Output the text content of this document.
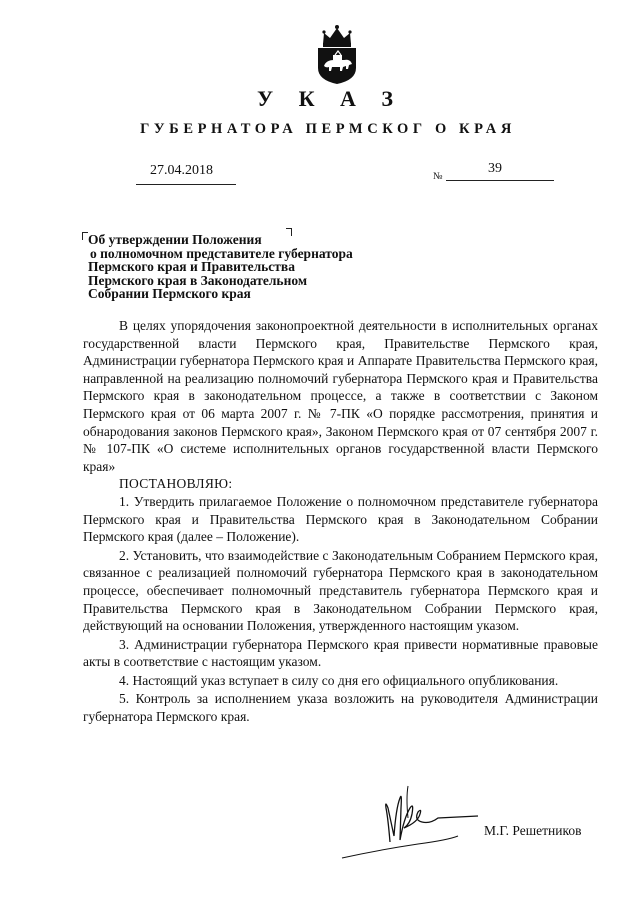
У К А З
ГУБЕРНАТОРА ПЕРМСКОГ О КРАЯ
27.04.2018	№
39
Об утверждении Положения
о полномочном представителе губернатора
Пермского края и Правительства
Пермского края в Законодательном
Собрании Пермского края

В целях упорядочения законопроектной деятельности в исполнительных органах государственной власти Пермского края, Правительстве Пермского края, Администрации губернатора Пермского края и Аппарате Правительства Пермского края, направленной на реализацию полномочий губернатора Пермского края и Правительства Пермского края в законодательном процессе, а также в соответствии с Законом Пермского края от 06 марта 2007 г. № 7-ПК «О порядке рассмотрения, принятия и обнародования законов Пермского края», Законом Пермского края от 07 сентября 2007 г. № 107-ПК «О системе исполнительных органов государственной власти Пермского края»

ПОСТАНОВЛЯЮ:

1. Утвердить прилагаемое Положение о полномочном представителе губернатора Пермского края и Правительства Пермского края в Законодательном Собрании Пермского края (далее – Положение).

2. Установить, что взаимодействие с Законодательным Собранием Пермского края, связанное с реализацией полномочий губернатора Пермского края в законодательном процессе, обеспечивает полномочный представитель губернатора Пермского края и Правительства Пермского края в Законодательном Собрании Пермского края, действующий на основании Положения, утвержденного настоящим указом.

3. Администрации губернатора Пермского края привести нормативные правовые акты в соответствие с настоящим указом.

4. Настоящий указ вступает в силу со дня его официального опубликования.

5. Контроль за исполнением указа возложить на руководителя Администрации губернатора Пермского края.

М.Г. Решетников
